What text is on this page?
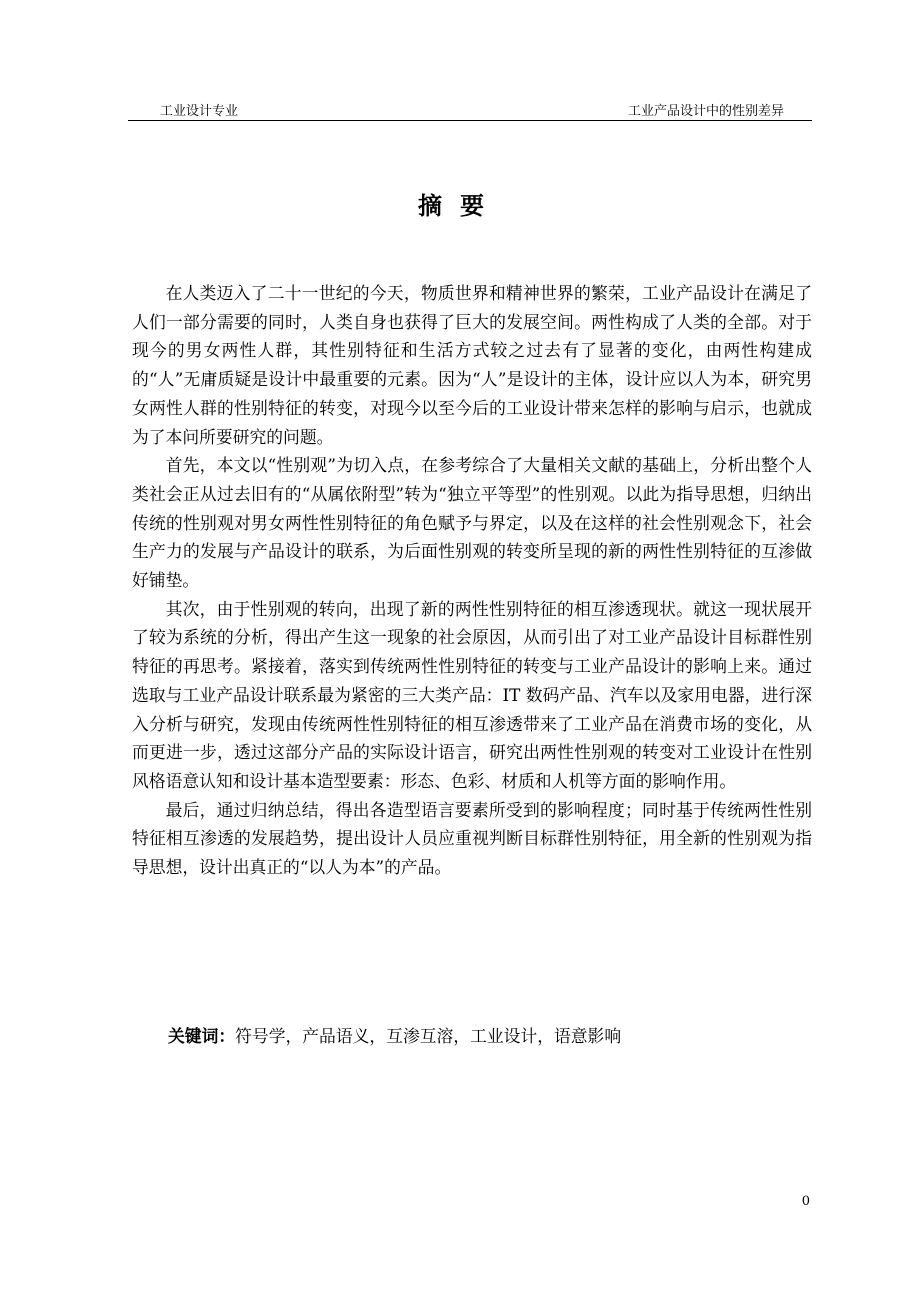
工业设计专业	工业产品设计中的性别差异
摘要

在人类迈入了二十一世纪的今天，物质世界和精神世界的繁荣，工业产品设计在满足了人们一部分需要的同时，人类自身也获得了巨大的发展空间。两性构成了人类的全部。对于现今的男女两性人群，其性别特征和生活方式较之过去有了显著的变化，由两性构建成的“人”无庸质疑是设计中最重要的元素。因为“人”是设计的主体，设计应以人为本，研究男女两性人群的性别特征的转变，对现今以至今后的工业设计带来怎样的影响与启示，也就成为了本问所要研究的问题。

首先，本文以“性别观”为切入点，在参考综合了大量相关文献的基础上，分析出整个人类社会正从过去旧有的“从属依附型”转为“独立平等型”的性别观。以此为指导思想，归纳出传统的性别观对男女两性性别特征的角色赋予与界定，以及在这样的社会性别观念下，社会生产力的发展与产品设计的联系，为后面性别观的转变所呈现的新的两性性别特征的互渗做好铺垫。

其次，由于性别观的转向，出现了新的两性性别特征的相互渗透现状。就这一现状展开了较为系统的分析，得出产生这一现象的社会原因，从而引出了对工业产品设计目标群性别特征的再思考。紧接着，落实到传统两性性别特征的转变与工业产品设计的影响上来。通过选取与工业产品设计联系最为紧密的三大类产品：IT 数码产品、汽车以及家用电器，进行深入分析与研究，发现由传统两性性别特征的相互渗透带来了工业产品在消费市场的变化，从而更进一步，透过这部分产品的实际设计语言，研究出两性性别观的转变对工业设计在性别风格语意认知和设计基本造型要素：形态、色彩、材质和人机等方面的影响作用。

最后，通过归纳总结，得出各造型语言要素所受到的影响程度；同时基于传统两性性别特征相互渗透的发展趋势，提出设计人员应重视判断目标群性别特征，用全新的性别观为指导思想，设计出真正的“以人为本”的产品。

关键词：符号学，产品语义，互渗互溶，工业设计，语意影响
0
